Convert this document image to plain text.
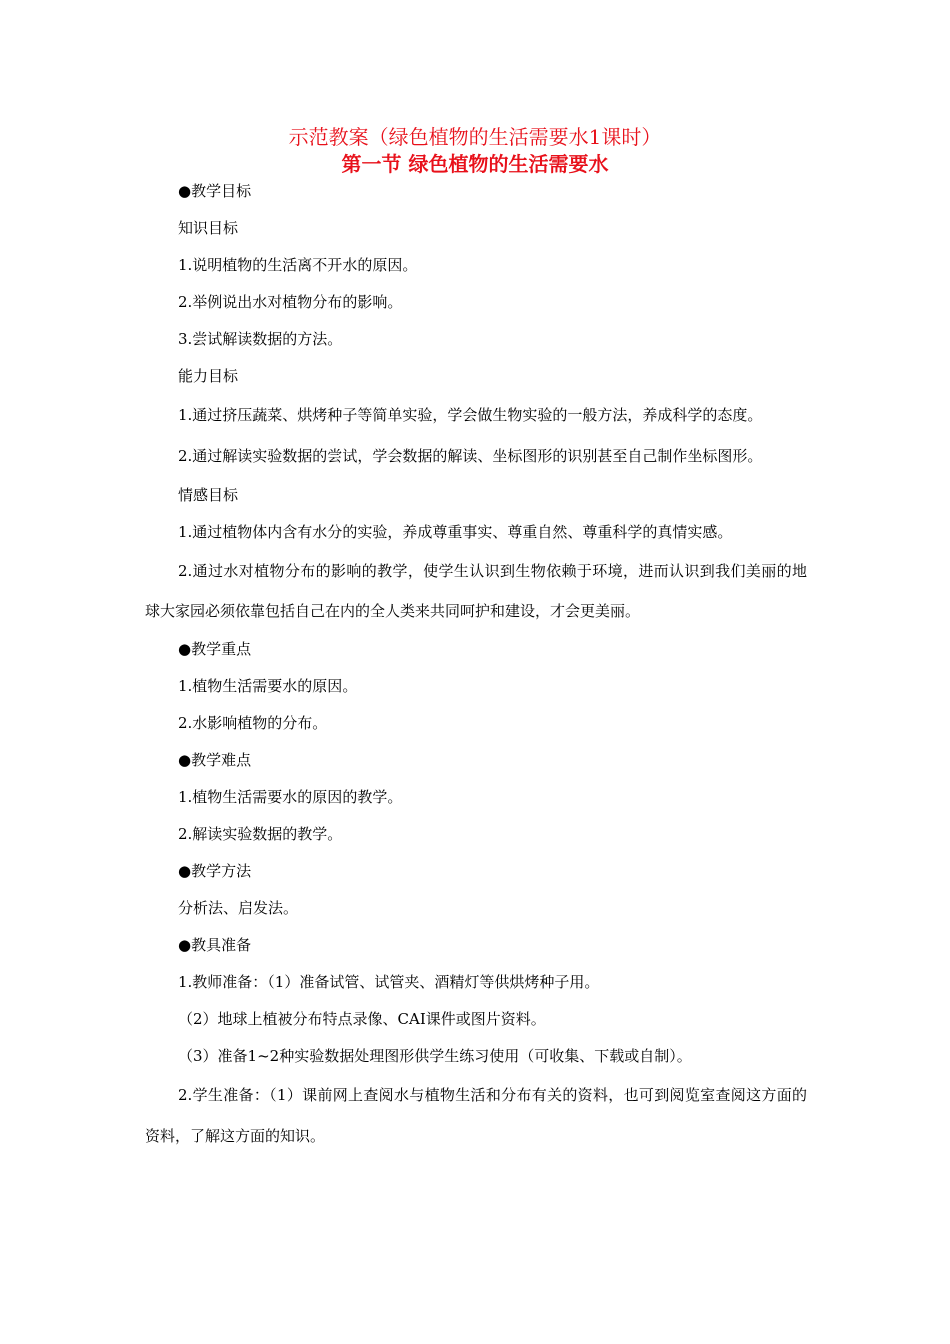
示范教案（绿色植物的生活需要水1课时）
第一节 绿色植物的生活需要水

●教学目标

知识目标

1.说明植物的生活离不开水的原因。

2.举例说出水对植物分布的影响。

3.尝试解读数据的方法。

能力目标

1.通过挤压蔬菜、烘烤种子等简单实验，学会做生物实验的一般方法，养成科学的态度。

2.通过解读实验数据的尝试，学会数据的解读、坐标图形的识别甚至自己制作坐标图形。

情感目标

1.通过植物体内含有水分的实验，养成尊重事实、尊重自然、尊重科学的真情实感。

2.通过水对植物分布的影响的教学，使学生认识到生物依赖于环境，进而认识到我们美丽的地球大家园必须依靠包括自己在内的全人类来共同呵护和建设，才会更美丽。

●教学重点

1.植物生活需要水的原因。

2.水影响植物的分布。

●教学难点

1.植物生活需要水的原因的教学。

2.解读实验数据的教学。

●教学方法

分析法、启发法。

●教具准备

1.教师准备：（1）准备试管、试管夹、酒精灯等供烘烤种子用。

（2）地球上植被分布特点录像、CAI课件或图片资料。

（3）准备1~2种实验数据处理图形供学生练习使用（可收集、下载或自制）。

2.学生准备：（1）课前网上查阅水与植物生活和分布有关的资料，也可到阅览室查阅这方面的资料，了解这方面的知识。
